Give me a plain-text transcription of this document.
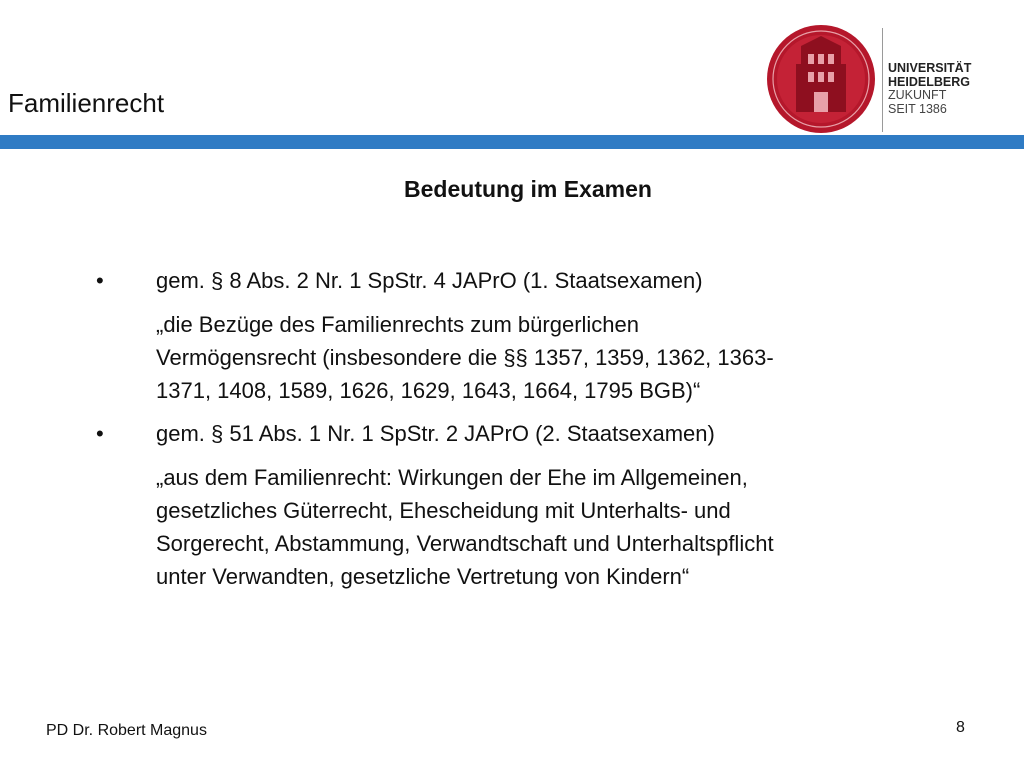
Familienrecht
UNIVERSITÄT
HEIDELBERG
ZUKUNFT
SEIT 1386
Bedeutung im Examen
• gem. § 8 Abs. 2 Nr. 1 SpStr. 4 JAPrO (1. Staatsexamen)
„die Bezüge des Familienrechts zum bürgerlichen
Vermögensrecht (insbesondere die §§ 1357, 1359, 1362, 1363-
1371, 1408, 1589, 1626, 1629, 1643, 1664, 1795 BGB)“
• gem. § 51 Abs. 1 Nr. 1 SpStr. 2 JAPrO (2. Staatsexamen)
„aus dem Familienrecht: Wirkungen der Ehe im Allgemeinen,
gesetzliches Güterrecht, Ehescheidung mit Unterhalts- und
Sorgerecht, Abstammung, Verwandtschaft und Unterhaltspflicht
unter Verwandten, gesetzliche Vertretung von Kindern“
PD Dr. Robert Magnus	8
